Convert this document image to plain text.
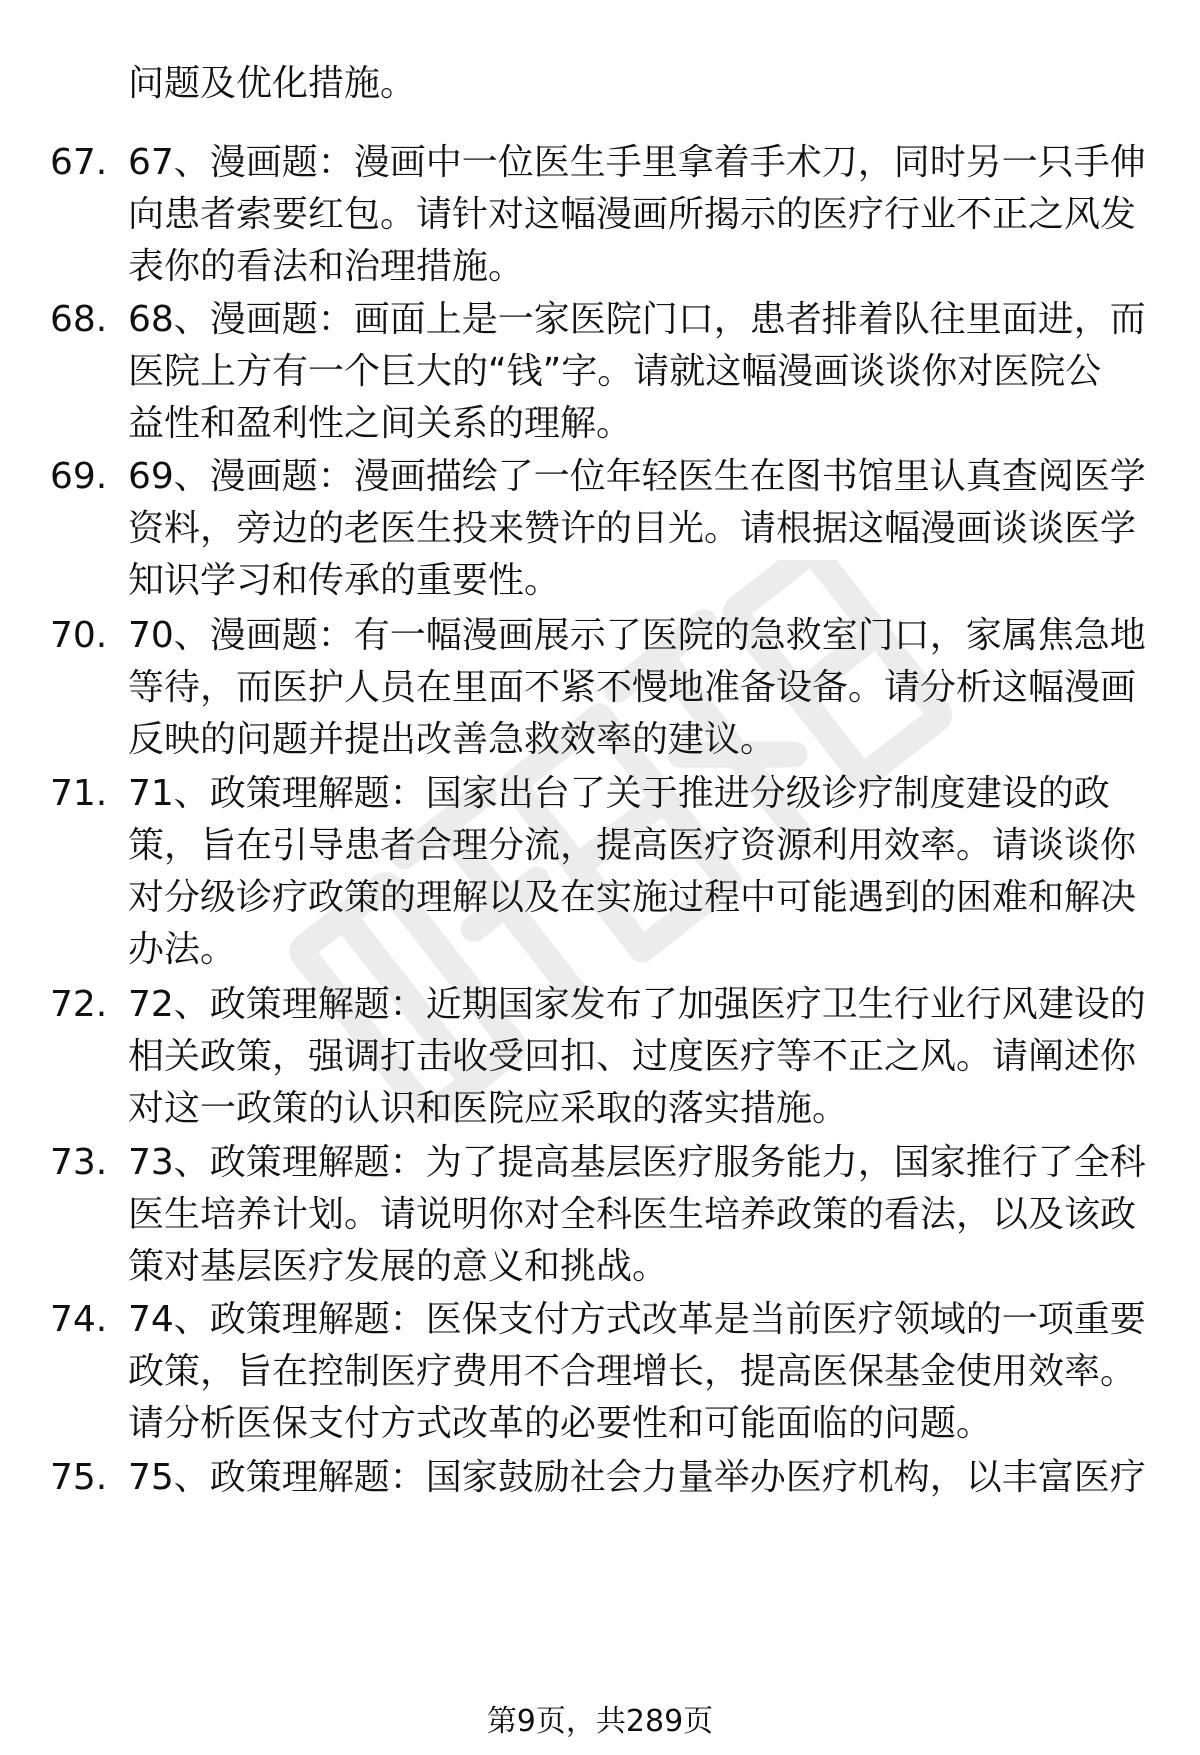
问题及优化措施。
67. 67、漫画题：漫画中一位医生手里拿着手术刀，同时另一只手伸
向患者索要红包。请针对这幅漫画所揭示的医疗行业不正之风发
表你的看法和治理措施。
68. 68、漫画题：画面上是一家医院门口，患者排着队往里面进，而
医院上方有一个巨大的“钱”字。请就这幅漫画谈谈你对医院公
益性和盈利性之间关系的理解。
69. 69、漫画题：漫画描绘了一位年轻医生在图书馆里认真查阅医学
资料，旁边的老医生投来赞许的目光。请根据这幅漫画谈谈医学
知识学习和传承的重要性。
70. 70、漫画题：有一幅漫画展示了医院的急救室门口，家属焦急地
等待，而医护人员在里面不紧不慢地准备设备。请分析这幅漫画
反映的问题并提出改善急救效率的建议。
71. 71、政策理解题：国家出台了关于推进分级诊疗制度建设的政
策，旨在引导患者合理分流，提高医疗资源利用效率。请谈谈你
对分级诊疗政策的理解以及在实施过程中可能遇到的困难和解决
办法。
72. 72、政策理解题：近期国家发布了加强医疗卫生行业行风建设的
相关政策，强调打击收受回扣、过度医疗等不正之风。请阐述你
对这一政策的认识和医院应采取的落实措施。
73. 73、政策理解题：为了提高基层医疗服务能力，国家推行了全科
医生培养计划。请说明你对全科医生培养政策的看法，以及该政
策对基层医疗发展的意义和挑战。
74. 74、政策理解题：医保支付方式改革是当前医疗领域的一项重要
政策，旨在控制医疗费用不合理增长，提高医保基金使用效率。
请分析医保支付方式改革的必要性和可能面临的问题。
75. 75、政策理解题：国家鼓励社会力量举办医疗机构，以丰富医疗
第9页，共289页
